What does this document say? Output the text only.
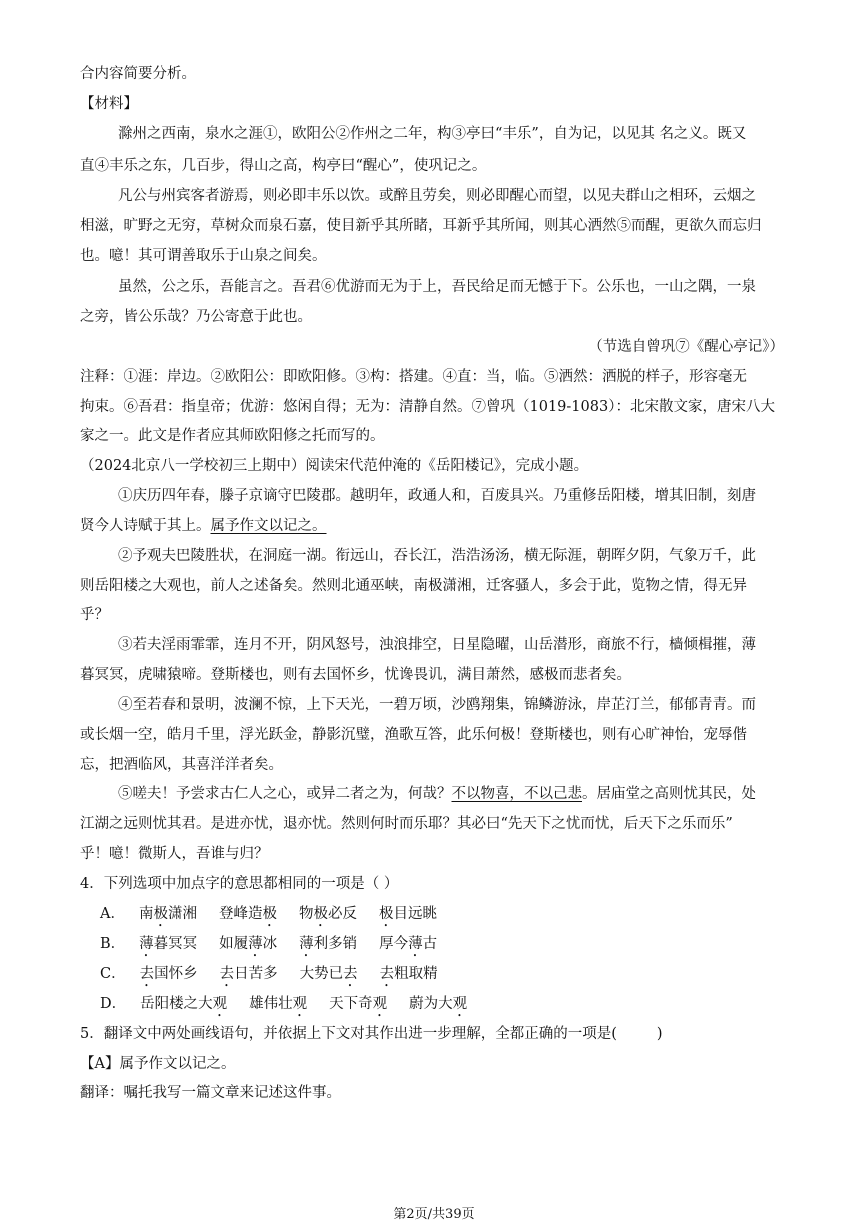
合内容简要分析。
【材料】
滁州之西南，泉水之涯①，欧阳公②作州之二年，构③亭曰“丰乐”，自为记，以见其 名之义。既又
直④丰乐之东，几百步，得山之高，构亭曰“醒心”，使巩记之。
凡公与州宾客者游焉，则必即丰乐以饮。或醉且劳矣，则必即醒心而望，以见夫群山之相环，云烟之
相滋，旷野之无穷，草树众而泉石嘉，使目新乎其所睹，耳新乎其所闻，则其心洒然⑤而醒，更欲久而忘归
也。噫！其可谓善取乐于山泉之间矣。
虽然，公之乐，吾能言之。吾君⑥优游而无为于上，吾民给足而无憾于下。公乐也，一山之隅，一泉
之旁，皆公乐哉？乃公寄意于此也。
（节选自曾巩⑦《醒心亭记》）
注释：①涯：岸边。②欧阳公：即欧阳修。③构：搭建。④直：当，临。⑤洒然：洒脱的样子，形容毫无
拘束。⑥吾君：指皇帝；优游：悠闲自得；无为：清静自然。⑦曾巩（1019-1083）：北宋散文家，唐宋八大
家之一。此文是作者应其师欧阳修之托而写的。
（2024北京八一学校初三上期中）阅读宋代范仲淹的《岳阳楼记》，完成小题。
①庆历四年春，滕子京谪守巴陵郡。越明年，政通人和，百废具兴。乃重修岳阳楼，增其旧制，刻唐
贤今人诗赋于其上。属予作文以记之。
②予观夫巴陵胜状，在洞庭一湖。衔远山，吞长江，浩浩汤汤，横无际涯，朝晖夕阴，气象万千，此
则岳阳楼之大观也，前人之述备矣。然则北通巫峡，南极潇湘，迁客骚人，多会于此，览物之情，得无异
乎？
③若夫淫雨霏霏，连月不开，阴风怒号，浊浪排空，日星隐曜，山岳潜形，商旅不行，樯倾楫摧，薄
暮冥冥，虎啸猿啼。登斯楼也，则有去国怀乡，忧谗畏讥，满目萧然，感极而悲者矣。
④至若春和景明，波澜不惊，上下天光，一碧万顷，沙鸥翔集，锦鳞游泳，岸芷汀兰，郁郁青青。而
或长烟一空，皓月千里，浮光跃金，静影沉璧，渔歌互答，此乐何极！登斯楼也，则有心旷神怡，宠辱偕
忘，把酒临风，其喜洋洋者矣。
⑤嗟夫！予尝求古仁人之心，或异二者之为，何哉？不以物喜，不以己悲。居庙堂之高则忧其民，处
江湖之远则忧其君。是进亦忧，退亦忧。然则何时而乐耶？其必曰“先天下之忧而忧，后天下之乐而乐”
乎！噫！微斯人，吾谁与归？
4．下列选项中加点字的意思都相同的一项是（ ）
A． 南极潇湘 登峰造极 物极必反 极目远眺
B． 薄暮冥冥 如履薄冰 薄利多销 厚今薄古
C． 去国怀乡 去日苦多 大势已去 去粗取精
D． 岳阳楼之大观 雄伟壮观 天下奇观 蔚为大观
5．翻译文中两处画线语句，并依据上下文对其作出进一步理解，全都正确的一项是(	)
【A】属予作文以记之。
翻译：嘱托我写一篇文章来记述这件事。
第2页/共39页
